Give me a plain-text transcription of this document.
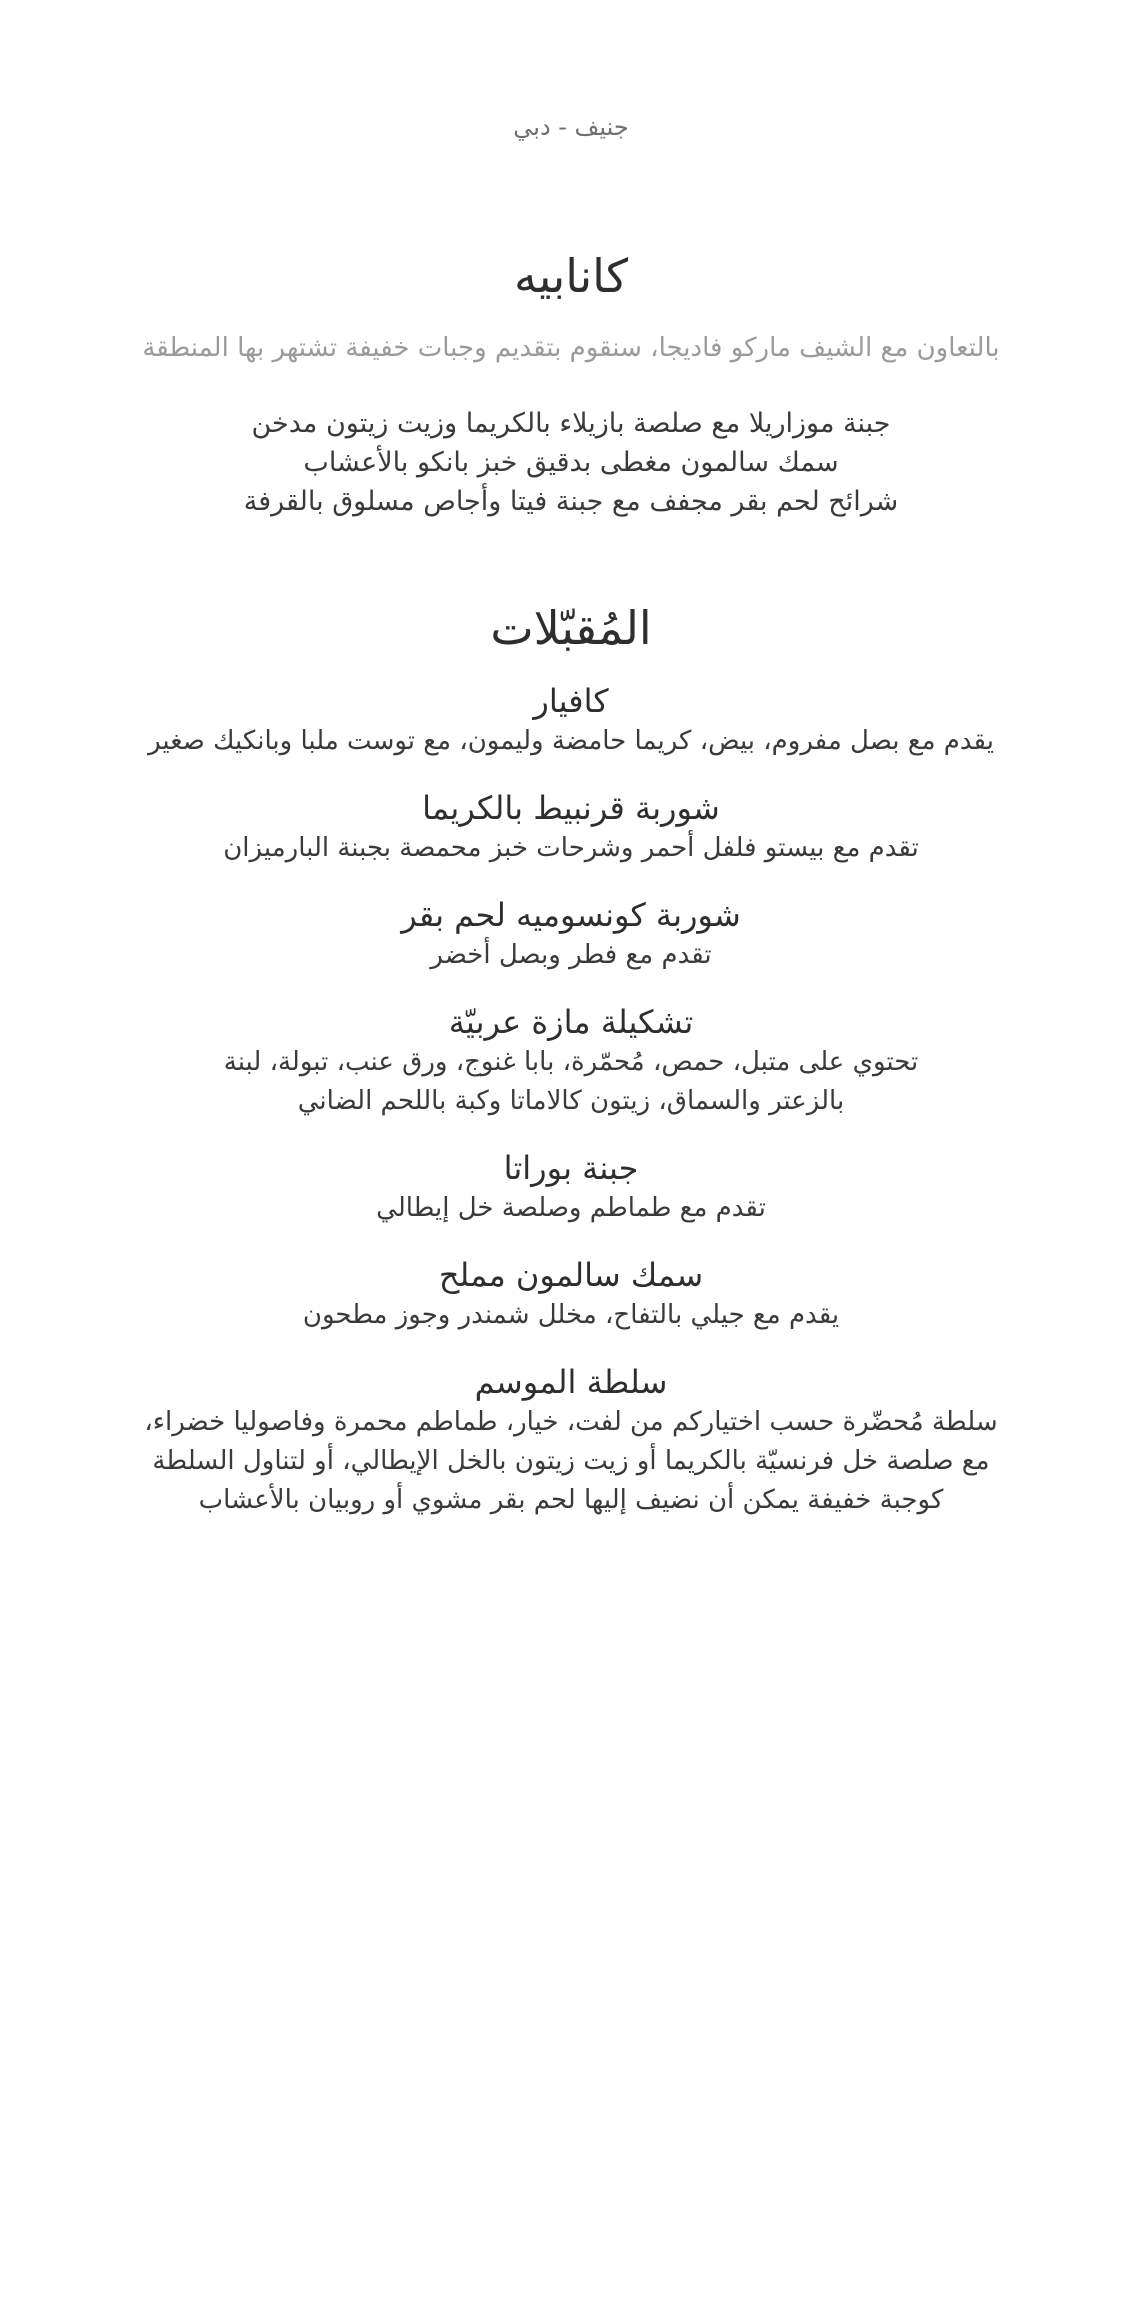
جنيف - دبي
كانابيه
بالتعاون مع الشيف ماركو فاديجا، سنقوم بتقديم وجبات خفيفة تشتهر بها المنطقة
جبنة موزاريلا مع صلصة بازيلاء بالكريما وزيت زيتون مدخن
سمك سالمون مغطى بدقيق خبز بانكو بالأعشاب
شرائح لحم بقر مجفف مع جبنة فيتا وأجاص مسلوق بالقرفة
المُقبّلات
كافيار
يقدم مع بصل مفروم، بيض، كريما حامضة وليمون، مع توست ملبا وبانكيك صغير
شوربة قرنبيط بالكريما
تقدم مع بيستو فلفل أحمر وشرحات خبز محمصة بجبنة البارميزان
شوربة كونسوميه لحم بقر
تقدم مع فطر وبصل أخضر
تشكيلة مازة عربيّة
تحتوي على متبل، حمص، مُحمّرة، بابا غنوج، ورق عنب، تبولة، لبنة
بالزعتر والسماق، زيتون كالاماتا وكبة باللحم الضاني
جبنة بوراتا
تقدم مع طماطم وصلصة خل إيطالي
سمك سالمون مملح
يقدم مع جيلي بالتفاح، مخلل شمندر وجوز مطحون
سلطة الموسم
سلطة مُحضّرة حسب اختياركم من لفت، خيار، طماطم محمرة وفاصوليا خضراء،
مع صلصة خل فرنسيّة بالكريما أو زيت زيتون بالخل الإيطالي، أو لتناول السلطة
كوجبة خفيفة يمكن أن نضيف إليها لحم بقر مشوي أو روبيان بالأعشاب
